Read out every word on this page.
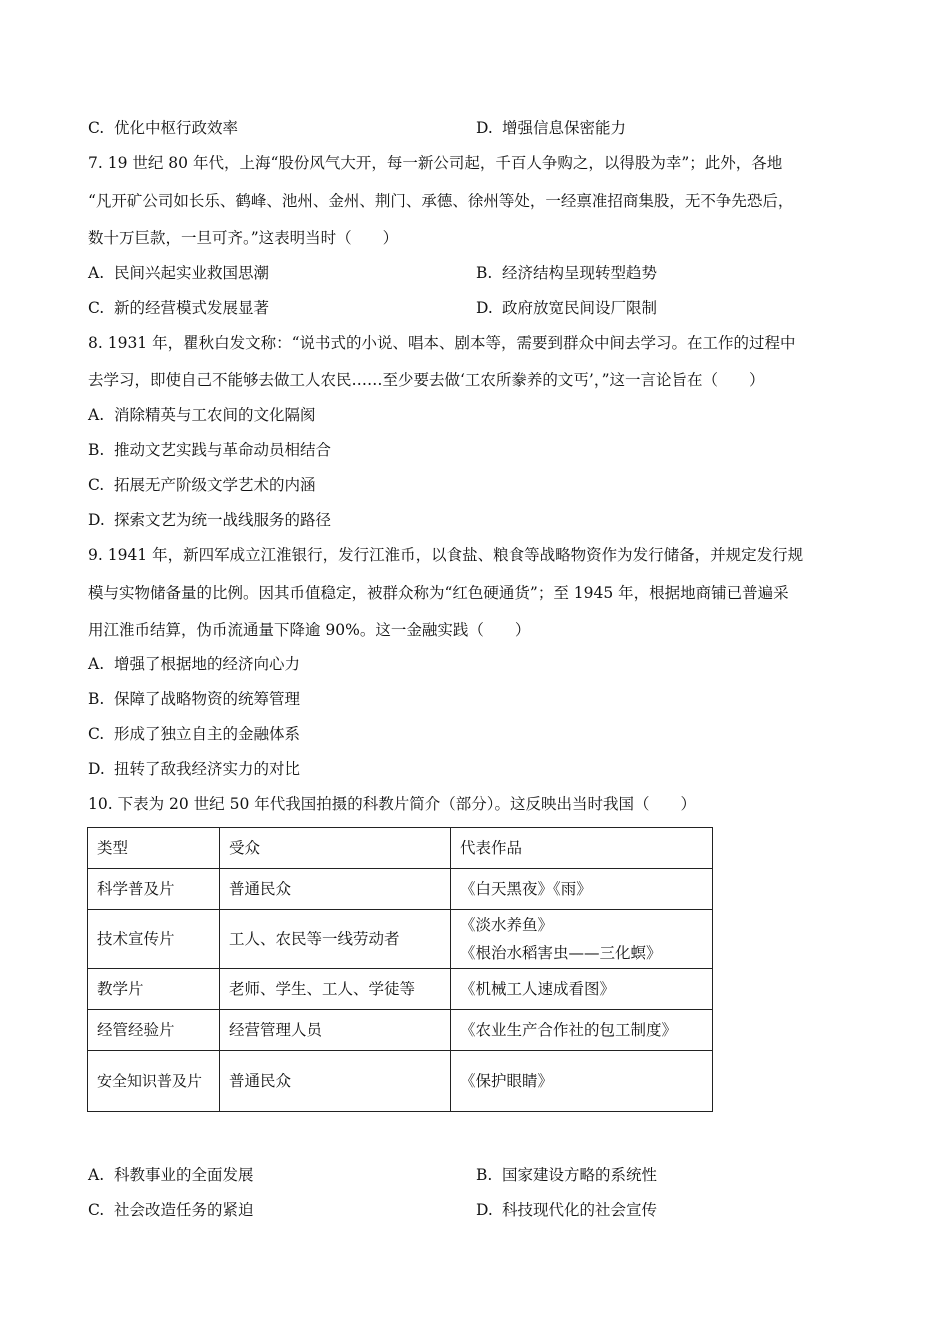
C. 优化中枢行政效率	D. 增强信息保密能力
7. 19 世纪 80 年代，上海“股份风气大开，每一新公司起，千百人争购之，以得股为幸”；此外，各地
“凡开矿公司如长乐、鹤峰、池州、金州、荆门、承德、徐州等处，一经禀准招商集股，无不争先恐后，
数十万巨款，一旦可齐。”这表明当时（　　）
A. 民间兴起实业救国思潮	B. 经济结构呈现转型趋势
C. 新的经营模式发展显著	D. 政府放宽民间设厂限制
8. 1931 年，瞿秋白发文称：“说书式的小说、唱本、剧本等，需要到群众中间去学习。在工作的过程中
去学习，即使自己不能够去做工人农民……至少要去做‘工农所豢养的文丐’，”这一言论旨在（　　）
A. 消除精英与工农间的文化隔阂
B. 推动文艺实践与革命动员相结合
C. 拓展无产阶级文学艺术的内涵
D. 探索文艺为统一战线服务的路径
9. 1941 年，新四军成立江淮银行，发行江淮币，以食盐、粮食等战略物资作为发行储备，并规定发行规
模与实物储备量的比例。因其币值稳定，被群众称为“红色硬通货”；至 1945 年，根据地商铺已普遍采
用江淮币结算，伪币流通量下降逾 90%。这一金融实践（　　）
A. 增强了根据地的经济向心力
B. 保障了战略物资的统筹管理
C. 形成了独立自主的金融体系
D. 扭转了敌我经济实力的对比
10. 下表为 20 世纪 50 年代我国拍摄的科教片简介（部分）。这反映出当时我国（　　）
类型	受众	代表作品
科学普及片	普通民众	《白天黑夜》《雨》

技术宣传片	工人、农民等一线劳动者	《淡水养鱼》
《根治水稻害虫——三化螟》

教学片	老师、学生、工人、学徒等	《机械工人速成看图》

经管经验片	经营管理人员	《农业生产合作社的包工制度》

安全知识普及片	普通民众	《保护眼睛》
A. 科教事业的全面发展	B. 国家建设方略的系统性
C. 社会改造任务的紧迫	D. 科技现代化的社会宣传
